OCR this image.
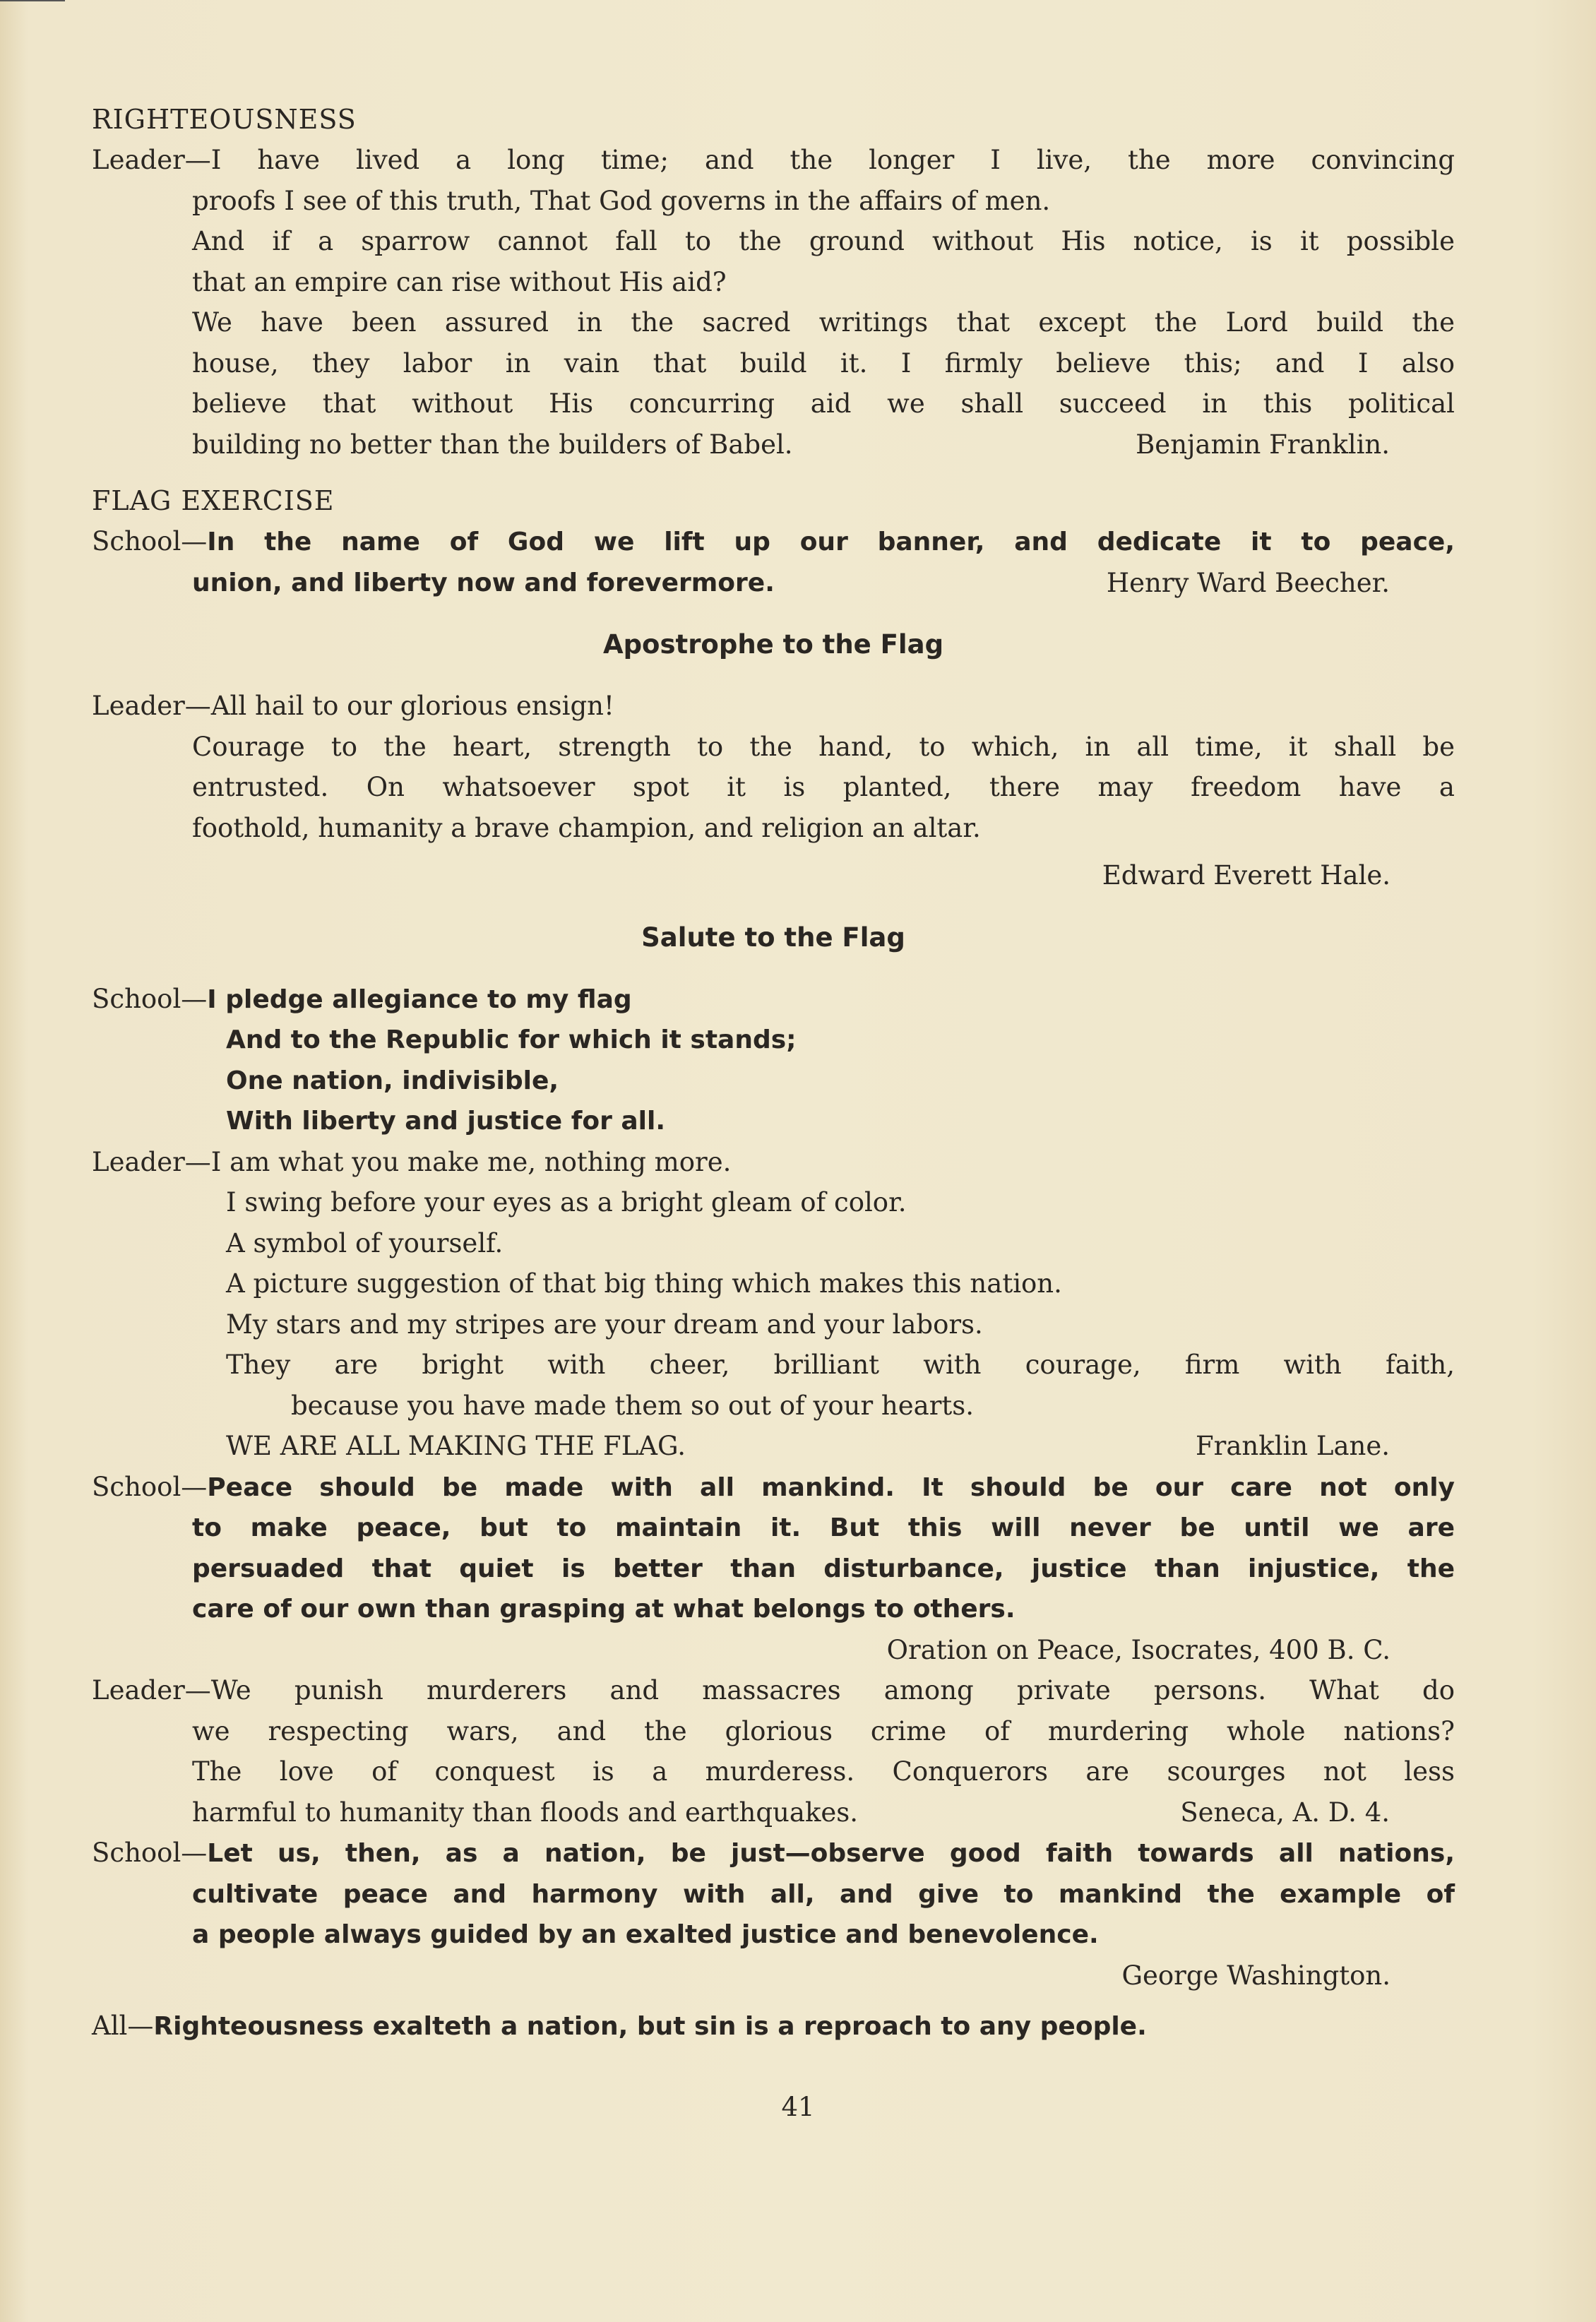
RIGHTEOUSNESS
Leader—I have lived a long time; and the longer I live, the more convincing
proofs I see of this truth, That God governs in the affairs of men.
And if a sparrow cannot fall to the ground without His notice, is it possible
that an empire can rise without His aid?
We have been assured in the sacred writings that except the Lord build the
house, they labor in vain that build it. I firmly believe this; and I also
believe that without His concurring aid we shall succeed in this political
building no better than the builders of Babel.	Benjamin Franklin.
FLAG EXERCISE
School—In the name of God we lift up our banner, and dedicate it to peace,
union, and liberty now and forevermore.	Henry Ward Beecher.
Apostrophe to the Flag
Leader—All hail to our glorious ensign!
Courage to the heart, strength to the hand, to which, in all time, it shall be
entrusted. On whatsoever spot it is planted, there may freedom have a
foothold, humanity a brave champion, and religion an altar.
Edward Everett Hale.
Salute to the Flag
School—I pledge allegiance to my flag
And to the Republic for which it stands;
One nation, indivisible,
With liberty and justice for all.
Leader—I am what you make me, nothing more.
I swing before your eyes as a bright gleam of color.
A symbol of yourself.
A picture suggestion of that big thing which makes this nation.
My stars and my stripes are your dream and your labors.
They are bright with cheer, brilliant with courage, firm with faith,
because you have made them so out of your hearts.
WE ARE ALL MAKING THE FLAG.	Franklin Lane.
School—Peace should be made with all mankind. It should be our care not only
to make peace, but to maintain it. But this will never be until we are
persuaded that quiet is better than disturbance, justice than injustice, the
care of our own than grasping at what belongs to others.
Oration on Peace, Isocrates, 400 B. C.
Leader—We punish murderers and massacres among private persons. What do
we respecting wars, and the glorious crime of murdering whole nations?
The love of conquest is a murderess. Conquerors are scourges not less
harmful to humanity than floods and earthquakes.	Seneca, A. D. 4.
School—Let us, then, as a nation, be just—observe good faith towards all nations,
cultivate peace and harmony with all, and give to mankind the example of
a people always guided by an exalted justice and benevolence.
George Washington.
All—Righteousness exalteth a nation, but sin is a reproach to any people.
41
